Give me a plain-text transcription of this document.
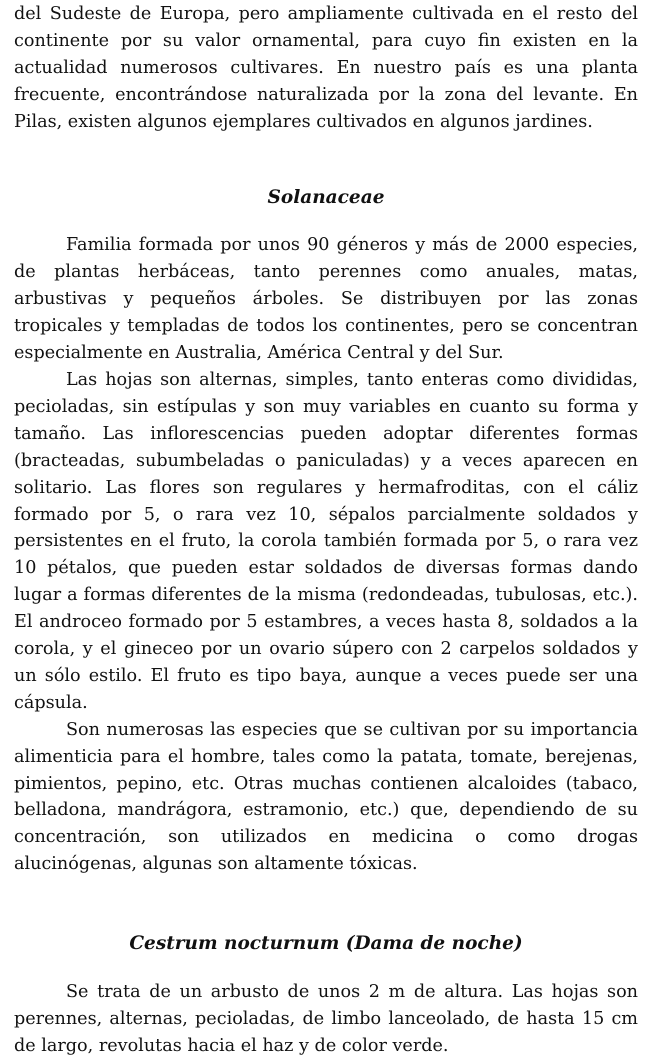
del Sudeste de Europa, pero ampliamente cultivada en el resto del continente por su valor ornamental, para cuyo fin existen en la actualidad numerosos cultivares. En nuestro país es una planta frecuente, encontrándose naturalizada por la zona del levante. En Pilas, existen algunos ejemplares cultivados en algunos jardines.

Solanaceae

Familia formada por unos 90 géneros y más de 2000 especies, de plantas herbáceas, tanto perennes como anuales, matas, arbustivas y pequeños árboles. Se distribuyen por las zonas tropicales y templadas de todos los continentes, pero se concentran especialmente en Australia, América Central y del Sur.

Las hojas son alternas, simples, tanto enteras como divididas, pecioladas, sin estípulas y son muy variables en cuanto su forma y tamaño. Las inflorescencias pueden adoptar diferentes formas (bracteadas, subumbeladas o paniculadas) y a veces aparecen en solitario. Las flores son regulares y hermafroditas, con el cáliz formado por 5, o rara vez 10, sépalos parcialmente soldados y persistentes en el fruto, la corola también formada por 5, o rara vez 10 pétalos, que pueden estar soldados de diversas formas dando lugar a formas diferentes de la misma (redondeadas, tubulosas, etc.). El androceo formado por 5 estambres, a veces hasta 8, soldados a la corola, y el gineceo por un ovario súpero con 2 carpelos soldados y un sólo estilo. El fruto es tipo baya, aunque a veces puede ser una cápsula.

Son numerosas las especies que se cultivan por su importancia alimenticia para el hombre, tales como la patata, tomate, berejenas, pimientos, pepino, etc. Otras muchas contienen alcaloides (tabaco, belladona, mandrágora, estramonio, etc.) que, dependiendo de su concentración, son utilizados en medicina o como drogas alucinógenas, algunas son altamente tóxicas.

Cestrum nocturnum (Dama de noche)

Se trata de un arbusto de unos 2 m de altura. Las hojas son perennes, alternas, pecioladas, de limbo lanceolado, de hasta 15 cm de largo, revolutas hacia el haz y de color verde.
